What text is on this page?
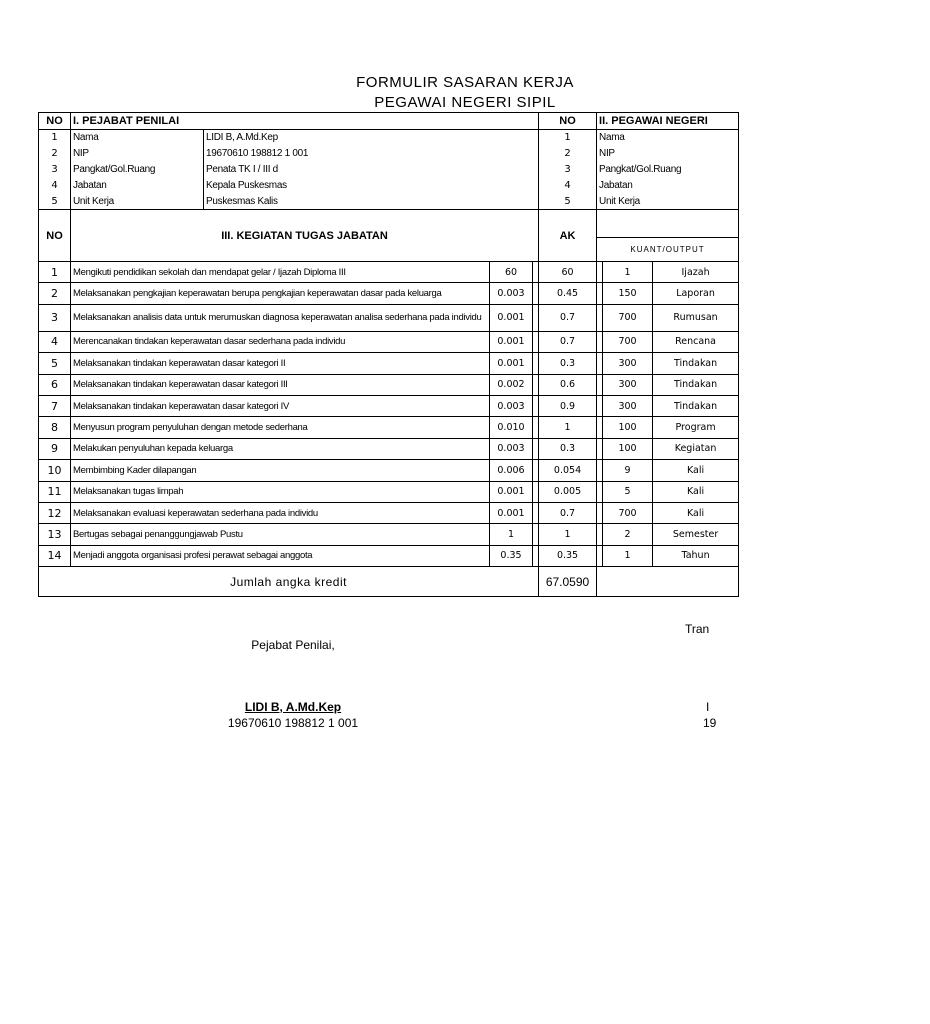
FORMULIR SASARAN KERJA
PEGAWAI NEGERI SIPIL
NO	I. PEJABAT PENILAI				NO	II. PEGAWAI NEGERI		
1	Nama	LIDI B, A.Md.Kep			1	Nama		
2	NIP	19670610 198812 1 001			2	NIP		
3	Pangkat/Gol.Ruang	Penata TK I / III d			3	Pangkat/Gol.Ruang		
4	Jabatan	Kepala Puskesmas			4	Jabatan		
5	Unit Kerja	Puskesmas Kalis			5	Unit Kerja		
NO	III. KEGIATAN TUGAS JABATAN				AK			
						KUANT/OUTPUT		
1	Mengikuti pendidikan sekolah dan mendapat gelar / Ijazah Diploma III		60		60		1	Ijazah
2	Melaksanakan pengkajian keperawatan berupa pengkajian keperawatan dasar pada keluarga		0.003		0.45		150	Laporan
3	Melaksanakan analisis data untuk merumuskan diagnosa keperawatan analisa sederhana pada individu		0.001		0.7		700	Rumusan
4	Merencanakan tindakan keperawatan dasar sederhana pada individu		0.001		0.7		700	Rencana
5	Melaksanakan tindakan keperawatan dasar kategori II		0.001		0.3		300	Tindakan
6	Melaksanakan tindakan keperawatan dasar kategori III		0.002		0.6		300	Tindakan
7	Melaksanakan tindakan keperawatan dasar kategori IV		0.003		0.9		300	Tindakan
8	Menyusun program penyuluhan dengan metode sederhana		0.010		1		100	Program
9	Melakukan penyuluhan kepada keluarga		0.003		0.3		100	Kegiatan
10	Membimbing Kader dilapangan		0.006		0.054		9	Kali
11	Melaksanakan tugas limpah		0.001		0.005		5	Kali
12	Melaksanakan evaluasi keperawatan sederhana pada individu		0.001		0.7		700	Kali
13	Bertugas sebagai penanggungjawab Pustu		1		1		2	Semester
14	Menjadi anggota organisasi profesi perawat sebagai anggota		0.35		0.35		1	Tahun
Jumlah angka kredit					67.0590			
Pejabat Penilai,
LIDI B, A.Md.Kep
19670610 198812 1 001
Tran
I
19
